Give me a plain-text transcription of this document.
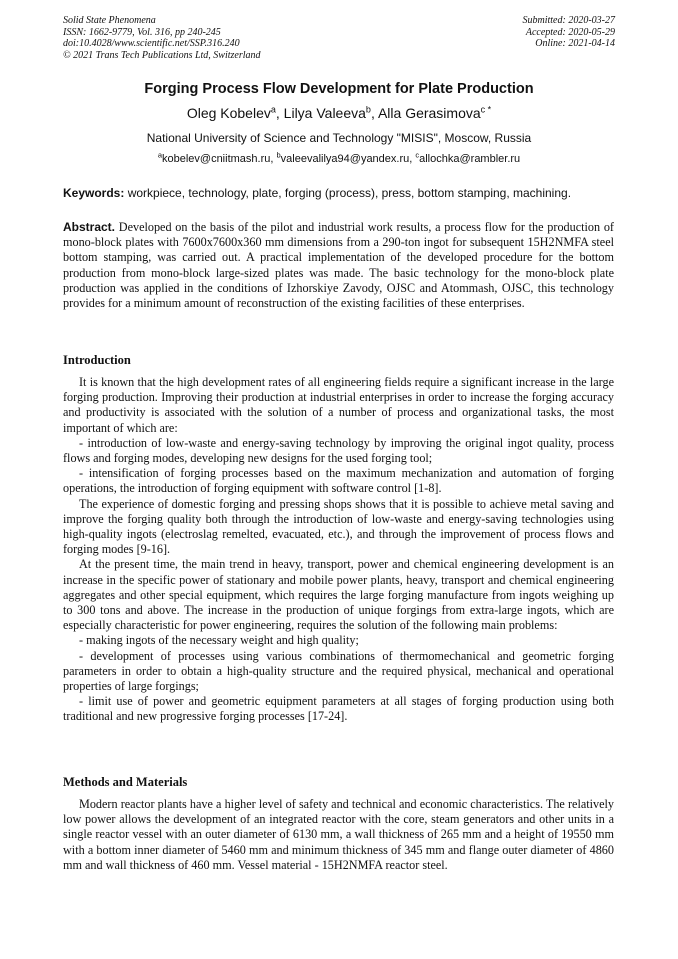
Solid State Phenomena
ISSN: 1662-9779, Vol. 316, pp 240-245
doi:10.4028/www.scientific.net/SSP.316.240
© 2021 Trans Tech Publications Ltd, Switzerland
Submitted: 2020-03-27
Accepted: 2020-05-29
Online: 2021-04-14
Forging Process Flow Development for Plate Production
Oleg Kobelev$^a$, Lilya Valeeva$^b$, Alla Gerasimova$^{c *}$
National University of Science and Technology "MISIS", Moscow, Russia
$^a$kobelev@cniitmash.ru, $^b$valeevalilya94@yandex.ru, $^c$allochka@rambler.ru
Keywords: workpiece, technology, plate, forging (process), press, bottom stamping, machining.
Abstract. Developed on the basis of the pilot and industrial work results, a process flow for the production of mono-block plates with 7600x7600x360 mm dimensions from a 290-ton ingot for subsequent 15H2NMFA steel bottom stamping, was carried out. A practical implementation of the developed procedure for the bottom production from mono-block large-sized plates was made. The basic technology for the mono-block plate production was applied in the conditions of Izhorskiye Zavody, OJSC and Atommash, OJSC, this technology provides for a minimum amount of reconstruction of the existing facilities of these enterprises.
Introduction

It is known that the high development rates of all engineering fields require a significant increase in the large forging production. Improving their production at industrial enterprises in order to increase the forging accuracy and productivity is associated with the solution of a number of process and organizational tasks, the most important of which are:

- introduction of low-waste and energy-saving technology by improving the original ingot quality, process flows and forging modes, developing new designs for the used forging tool;

- intensification of forging processes based on the maximum mechanization and automation of forging operations, the introduction of forging equipment with software control [1-8].

The experience of domestic forging and pressing shops shows that it is possible to achieve metal saving and improve the forging quality both through the introduction of low-waste and energy-saving technologies using high-quality ingots (electroslag remelted, evacuated, etc.), and through the improvement of process flows and forging modes [9-16].

At the present time, the main trend in heavy, transport, power and chemical engineering development is an increase in the specific power of stationary and mobile power plants, heavy, transport and chemical engineering aggregates and other special equipment, which requires the large forging manufacture from ingots weighing up to 300 tons and above. The increase in the production of unique forgings from extra-large ingots, which are especially characteristic for power engineering, requires the solution of the following main problems:

- making ingots of the necessary weight and high quality;

- development of processes using various combinations of thermomechanical and geometric forging parameters in order to obtain a high-quality structure and the required physical, mechanical and operational properties of large forgings;

- limit use of power and geometric equipment parameters at all stages of forging production using both traditional and new progressive forging processes [17-24].

Methods and Materials

Modern reactor plants have a higher level of safety and technical and economic characteristics. The relatively low power allows the development of an integrated reactor with the core, steam generators and other units in a single reactor vessel with an outer diameter of 6130 mm, a wall thickness of 265 mm and a height of 19550 mm with a bottom inner diameter of 5460 mm and minimum thickness of 345 mm and flange outer diameter of 4860 mm and wall thickness of 460 mm. Vessel material - 15H2NMFA reactor steel.
